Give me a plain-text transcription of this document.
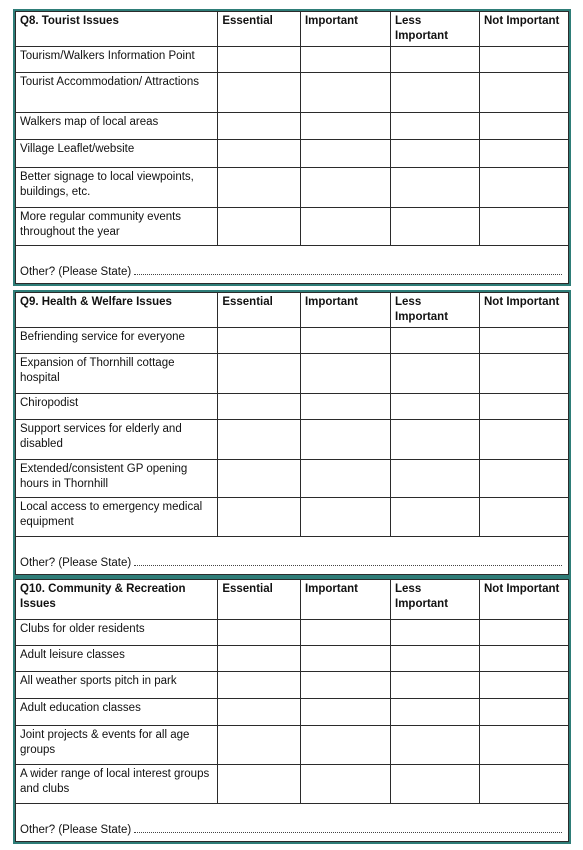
Q8. Tourist Issues	Essential	Important	Less Important	Not Important
Tourism/Walkers Information Point				
Tourist Accommodation/ Attractions				
Walkers map of local areas				
Village Leaflet/website				
Better signage to local viewpoints, buildings, etc.				
More regular community events throughout the year				
Other? (Please State)				
Q9. Health & Welfare Issues	Essential	Important	Less Important	Not Important
Befriending service for everyone				
Expansion of Thornhill cottage hospital				
Chiropodist				
Support services for elderly and disabled				
Extended/consistent GP opening hours in Thornhill				
Local access to emergency medical equipment				
Other? (Please State)				
Q10. Community & Recreation Issues	Essential	Important	Less Important	Not Important
Clubs for older residents				
Adult leisure classes				
All weather sports pitch in park				
Adult education classes				
Joint projects & events for all age groups				
A wider range of local interest groups and clubs				
Other? (Please State)				
